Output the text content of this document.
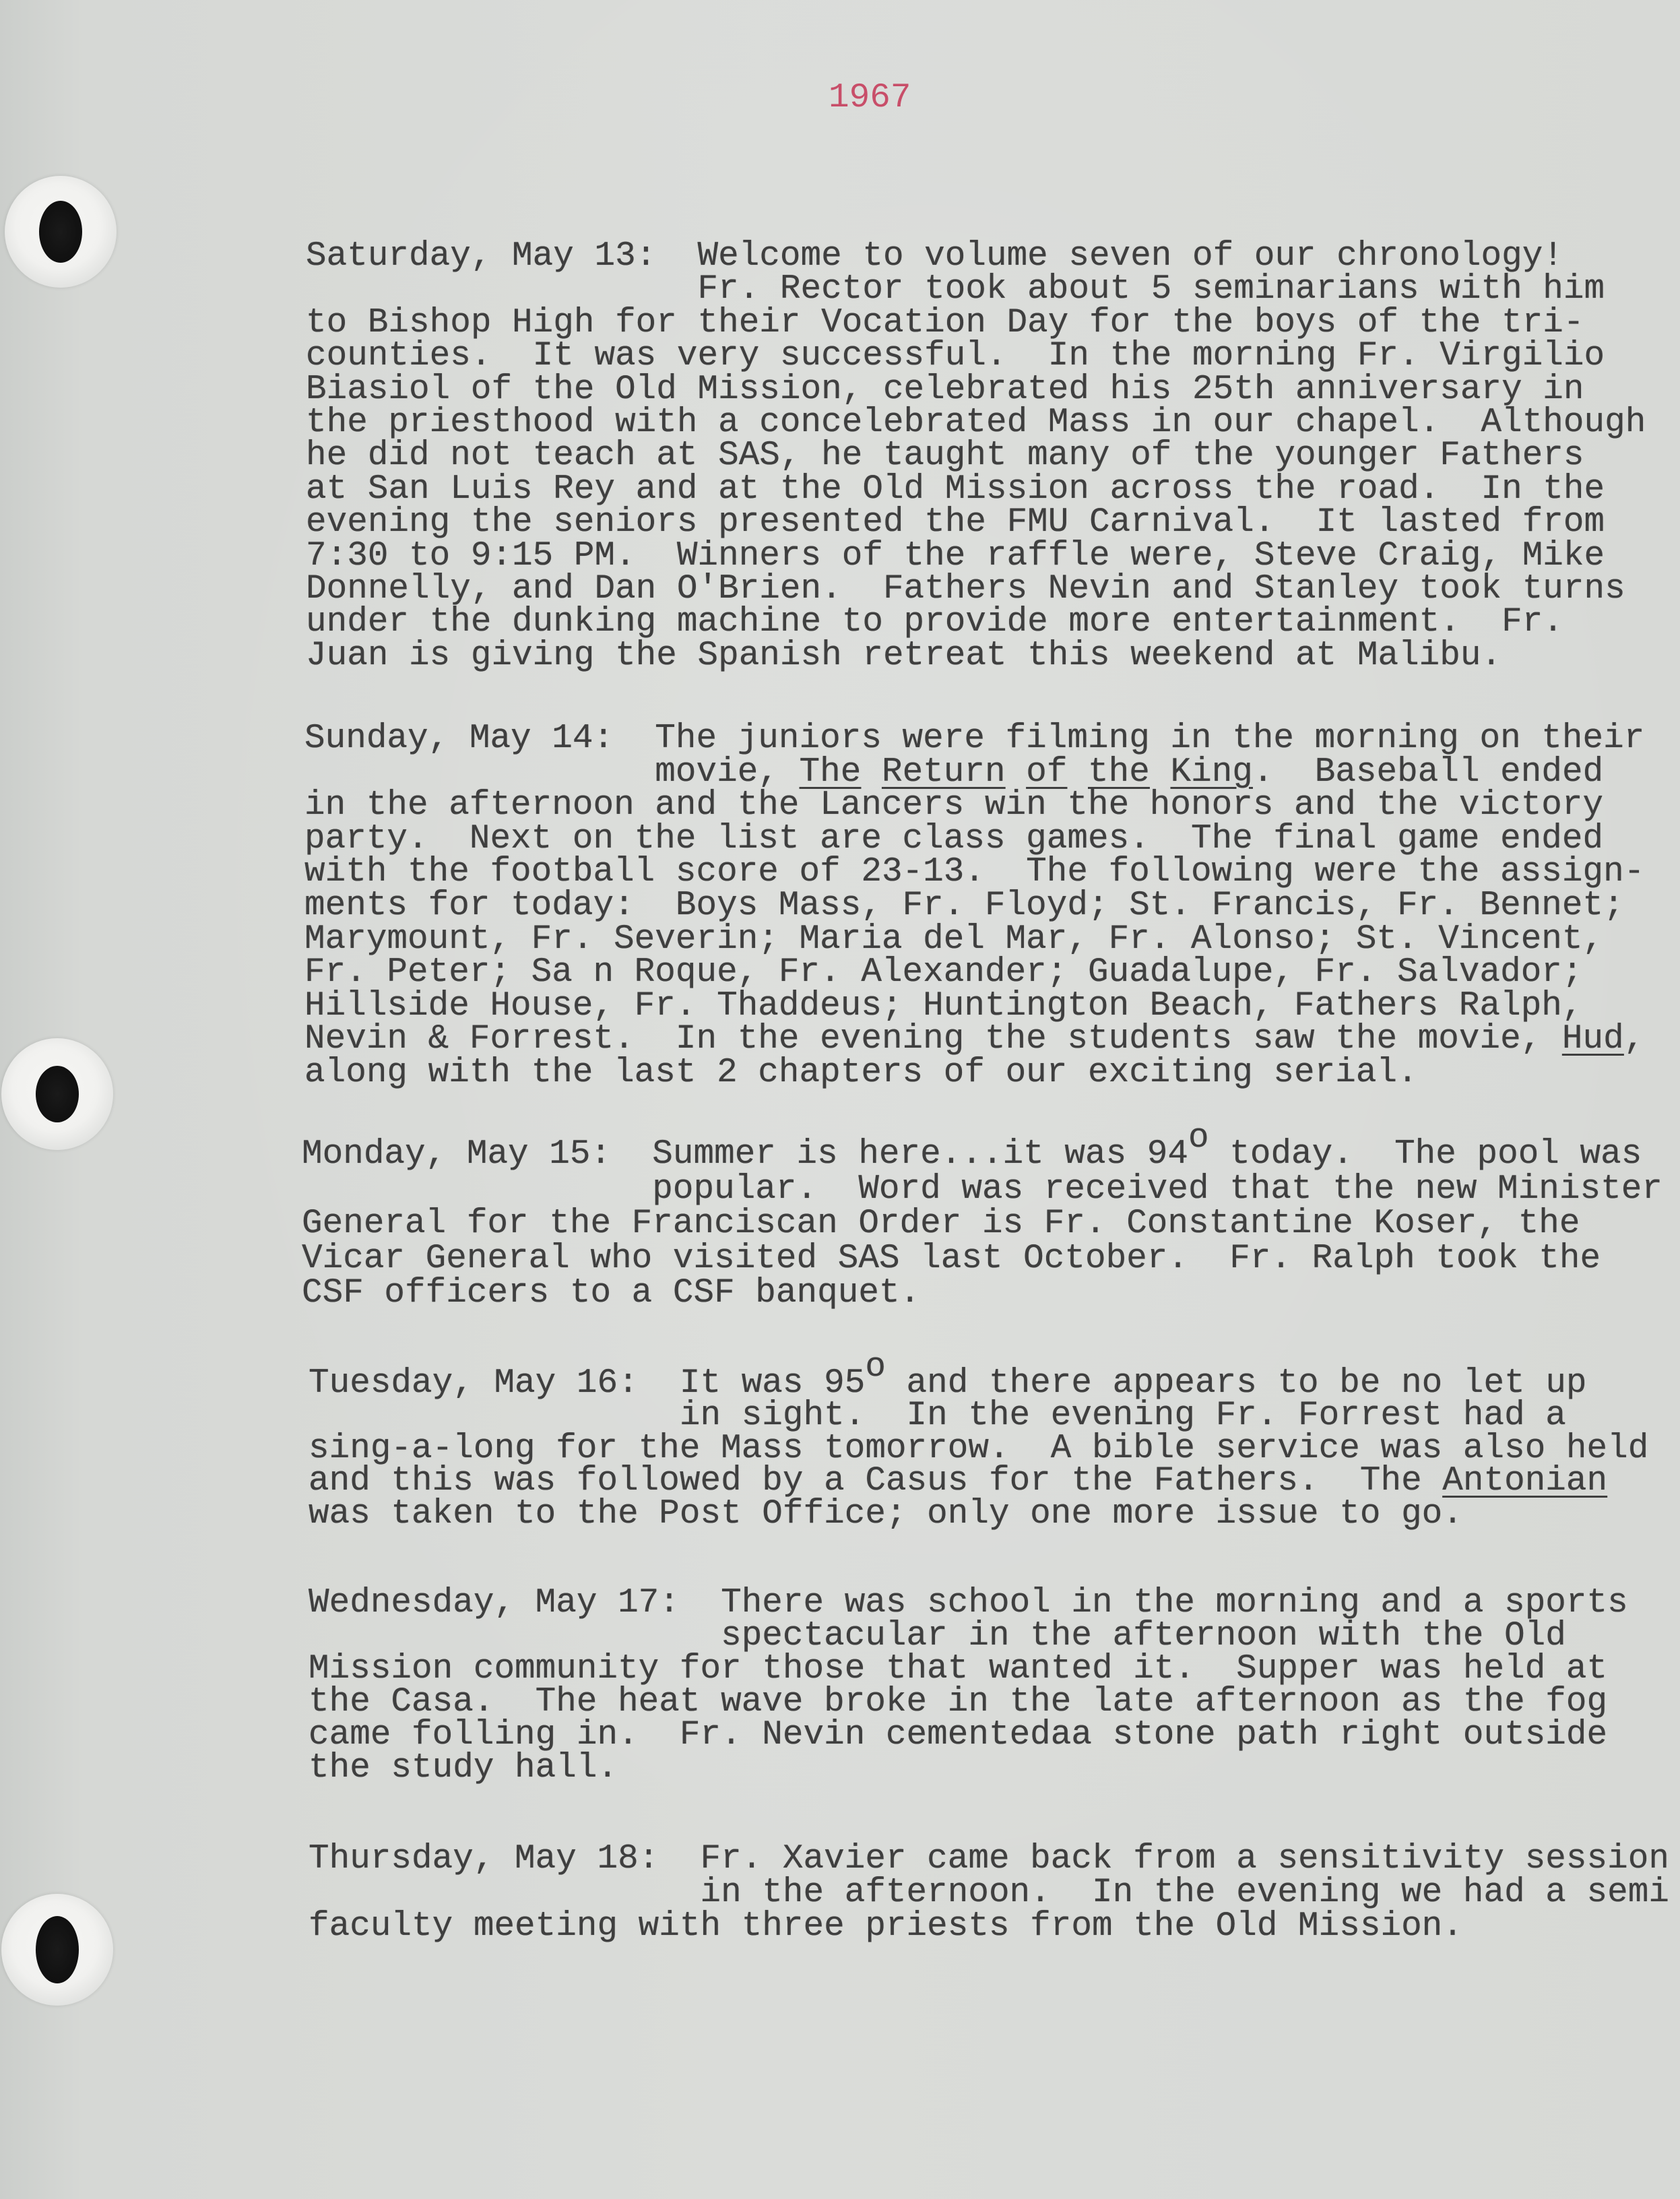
1967
Saturday, May 13: Welcome to volume seven of our chronology!
Fr. Rector took about 5 seminarians with him
to Bishop High for their Vocation Day for the boys of the tri-
counties.  It was very successful.  In the morning Fr. Virgilio
Biasiol of the Old Mission, celebrated his 25th anniversary in
the priesthood with a concelebrated Mass in our chapel.  Although
he did not teach at SAS, he taught many of the younger Fathers
at San Luis Rey and at the Old Mission across the road.  In the
evening the seniors presented the FMU Carnival.  It lasted from
7:30 to 9:15 PM.  Winners of the raffle were, Steve Craig, Mike
Donnelly, and Dan O'Brien.  Fathers Nevin and Stanley took turns
under the dunking machine to provide more entertainment.  Fr.
Juan is giving the Spanish retreat this weekend at Malibu.
Sunday, May 14: The juniors were filming in the morning on their
movie, The
Return
of
the
King .  Baseball ended
in the afternoon and the Lancers win the honors and the victory
party.  Next on the list are class games.  The final game ended
with the football score of 23-13.  The following were the assign-
ments for today:  Boys Mass, Fr. Floyd; St. Francis, Fr. Bennet;
Marymount, Fr. Severin; Maria del Mar, Fr. Alonso; St. Vincent,
Fr. Peter; Sa n Roque, Fr. Alexander; Guadalupe, Fr. Salvador;
Hillside House, Fr. Thaddeus; Huntington Beach, Fathers Ralph,
Nevin & Forrest.  In the evening the students saw the movie, Hud ,
along with the last 2 chapters of our exciting serial.
Monday, May 15: Summer is here...it was 94 o today.  The pool was
popular.  Word was received that the new Minister
General for the Franciscan Order is Fr. Constantine Koser, the
Vicar General who visited SAS last October.  Fr. Ralph took the
CSF officers to a CSF banquet.
Tuesday, May 16: It was 95 o and there appears to be no let up
in sight.  In the evening Fr. Forrest had a
sing-a-long for the Mass tomorrow.  A bible service was also held
and this was followed by a Casus for the Fathers.  The Antonian
was taken to the Post Office; only one more issue to go.
Wednesday, May 17: There was school in the morning and a sports
spectacular in the afternoon with the Old
Mission community for those that wanted it.  Supper was held at
the Casa.  The heat wave broke in the late afternoon as the fog
came folling in.  Fr. Nevin cementedaa stone path right outside
the study hall.
Thursday, May 18: Fr. Xavier came back from a sensitivity session
in the afternoon.  In the evening we had a semi
faculty meeting with three priests from the Old Mission.
